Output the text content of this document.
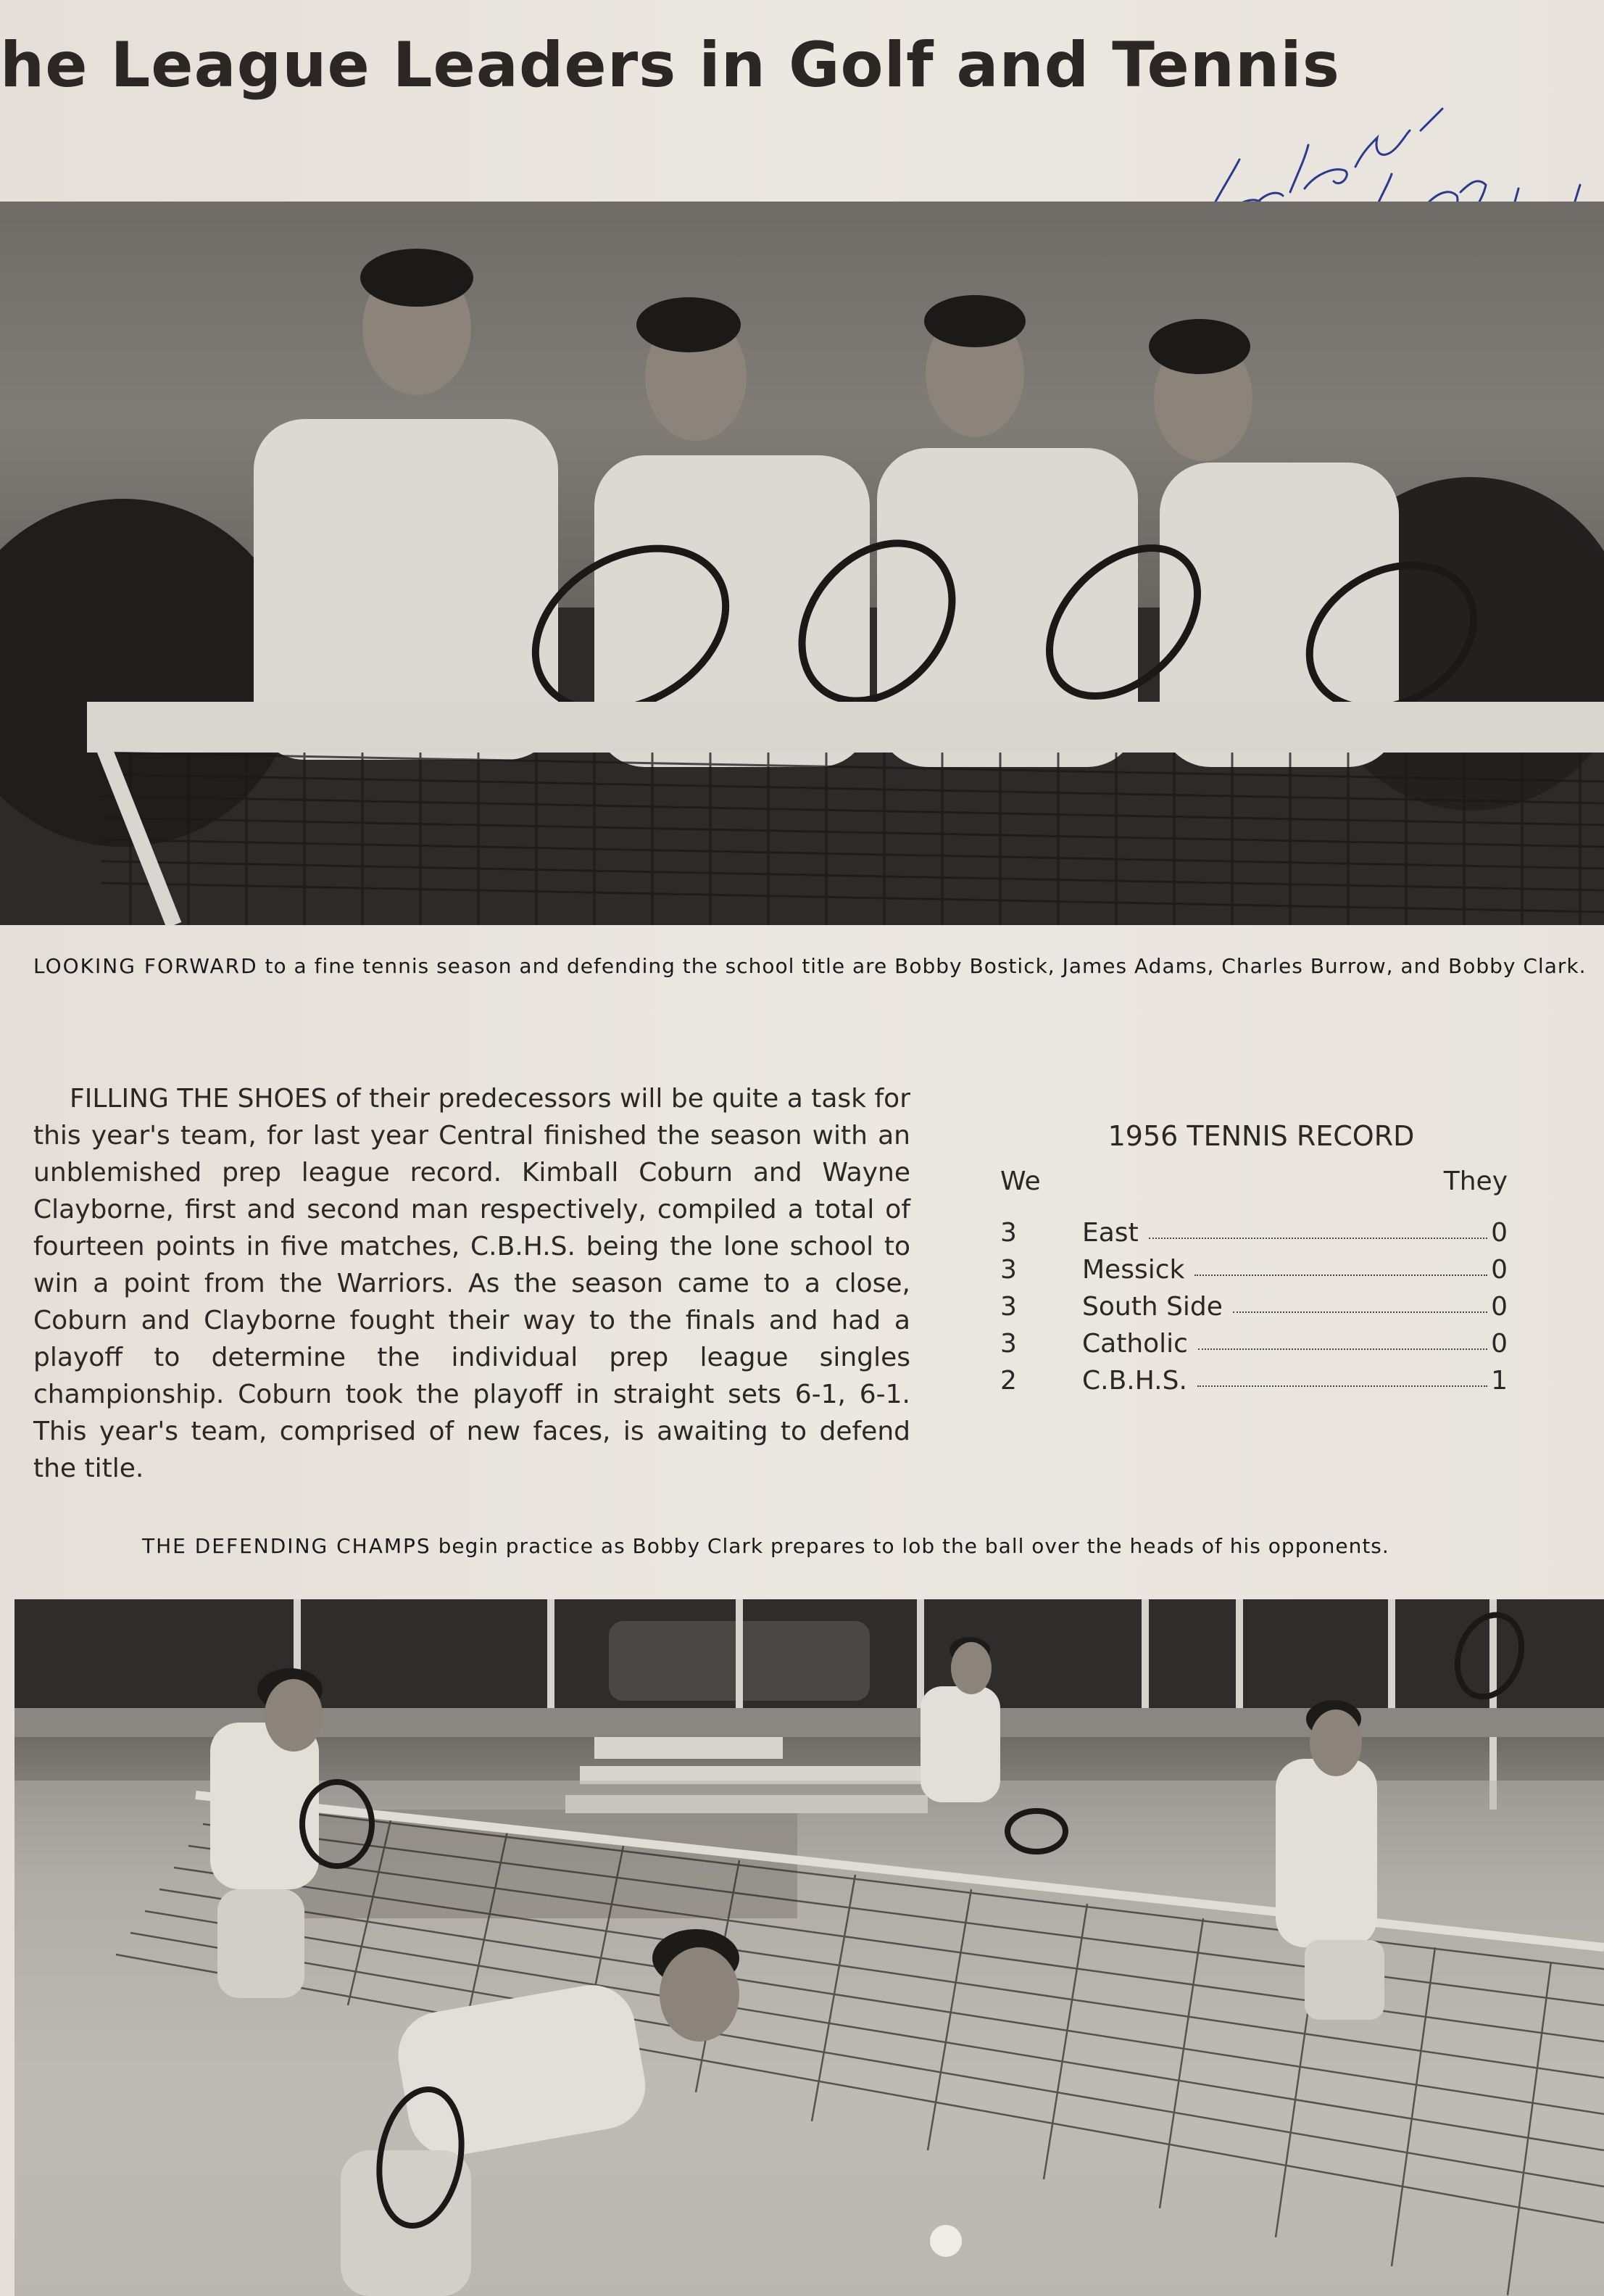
he League Leaders in Golf and Tennis
LOOKING FORWARD to a fine tennis season and defending the school title are Bobby Bostick, James Adams, Charles Burrow, and Bobby Clark.

FILLING THE SHOES of their predecessors will be quite a task for this year's team, for last year Central finished the season with an unblemished prep league record. Kimball Coburn and Wayne Clayborne, first and second man respectively, compiled a total of fourteen points in five matches, C.B.H.S. being the lone school to win a point from the Warriors. As the season came to a close, Coburn and Clayborne fought their way to the finals and had a playoff to determine the individual prep league singles championship. Coburn took the playoff in straight sets 6-1, 6-1. This year's team, comprised of new faces, is awaiting to defend the title.

1956 TENNIS RECORD
We	They
3	East	0
3	Messick	0
3	South Side	0
3	Catholic	0
2	C.B.H.S.	1
THE DEFENDING CHAMPS begin practice as Bobby Clark prepares to lob the ball over the heads of his opponents.
